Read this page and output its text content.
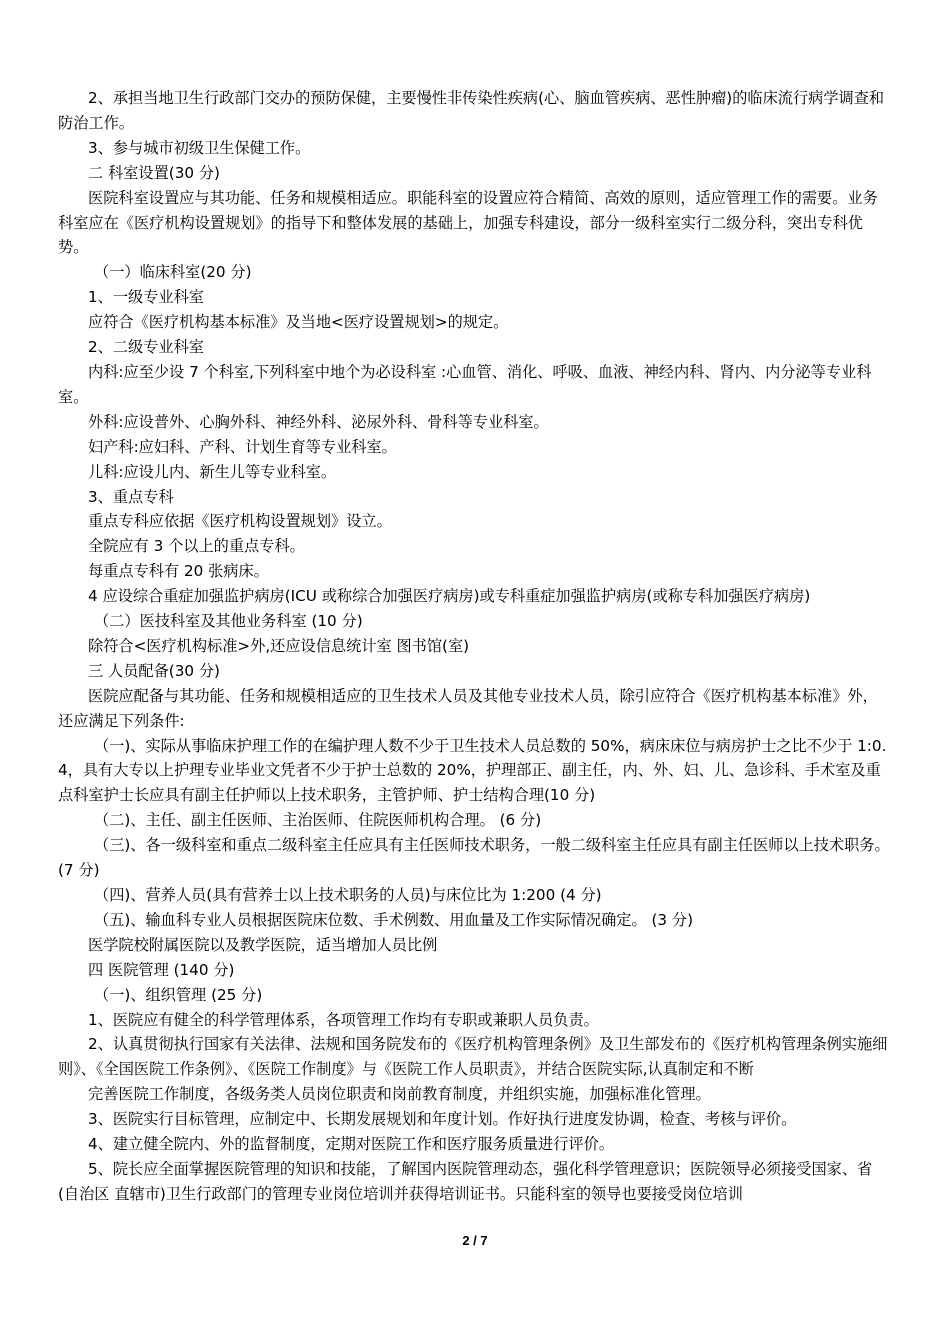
2、承担当地卫生行政部门交办的预防保健，主要慢性非传染性疾病(心、脑血管疾病、恶性肿瘤)的临床流行病学调查和防治工作。

3、参与城市初级卫生保健工作。

二 科室设置(30 分)

医院科室设置应与其功能、任务和规模相适应。职能科室的设置应符合精简、高效的原则，适应管理工作的需要。业务科室应在《医疗机构设置规划》的指导下和整体发展的基础上，加强专科建设，部分一级科室实行二级分科，突出专科优势。

（一）临床科室(20 分)

1、一级专业科室

应符合《医疗机构基本标准》及当地<医疗设置规划>的规定。

2、二级专业科室

内科:应至少设 7 个科室,下列科室中地个为必设科室 :心血管、消化、呼吸、血液、神经内科、肾内、内分泌等专业科室。

外科:应设普外、心胸外科、神经外科、泌尿外科、骨科等专业科室。

妇产科:应妇科、产科、计划生育等专业科室。

儿科:应设儿内、新生儿等专业科室。

3、重点专科

重点专科应依据《医疗机构设置规划》设立。

全院应有 3 个以上的重点专科。

每重点专科有 20 张病床。

4 应设综合重症加强监护病房(ICU 或称综合加强医疗病房)或专科重症加强监护病房(或称专科加强医疗病房)

（二）医技科室及其他业务科室 (10 分)

除符合<医疗机构标准>外,还应设信息统计室 图书馆(室)

三 人员配备(30 分)

医院应配备与其功能、任务和规模相适应的卫生技术人员及其他专业技术人员，除引应符合《医疗机构基本标准》外，还应满足下列条件:

（一)、实际从事临床护理工作的在编护理人数不少于卫生技术人员总数的 50%，病床床位与病房护士之比不少于 1:0.4，具有大专以上护理专业毕业文凭者不少于护士总数的 20%，护理部正、副主任，内、外、妇、儿、急诊科、手术室及重点科室护士长应具有副主任护师以上技术职务，主管护师、护士结构合理(10 分)

（二)、主任、副主任医师、主治医师、住院医师机构合理。 (6 分)

（三)、各一级科室和重点二级科室主任应具有主任医师技术职务，一般二级科室主任应具有副主任医师以上技术职务。 (7 分)

（四)、营养人员(具有营养士以上技术职务的人员)与床位比为 1:200 (4 分)

（五)、输血科专业人员根据医院床位数、手术例数、用血量及工作实际情况确定。 (3 分)

医学院校附属医院以及教学医院，适当增加人员比例

四 医院管理 (140 分)

（一)、组织管理 (25 分)

1、医院应有健全的科学管理体系，各项管理工作均有专职或兼职人员负责。

2、认真贯彻执行国家有关法律、法规和国务院发布的《医疗机构管理条例》及卫生部发布的《医疗机构管理条例实施细则》、《全国医院工作条例》、《医院工作制度》与《医院工作人员职责》，并结合医院实际,认真制定和不断

完善医院工作制度，各级务类人员岗位职责和岗前教育制度，并组织实施，加强标准化管理。

3、医院实行目标管理，应制定中、长期发展规划和年度计划。作好执行进度发协调，检查、考核与评价。

4、建立健全院内、外的监督制度，定期对医院工作和医疗服务质量进行评价。

5、院长应全面掌握医院管理的知识和技能，了解国内医院管理动态，强化科学管理意识；医院领导必须接受国家、省(自治区 直辖市)卫生行政部门的管理专业岗位培训并获得培训证书。只能科室的领导也要接受岗位培训

2 / 7
